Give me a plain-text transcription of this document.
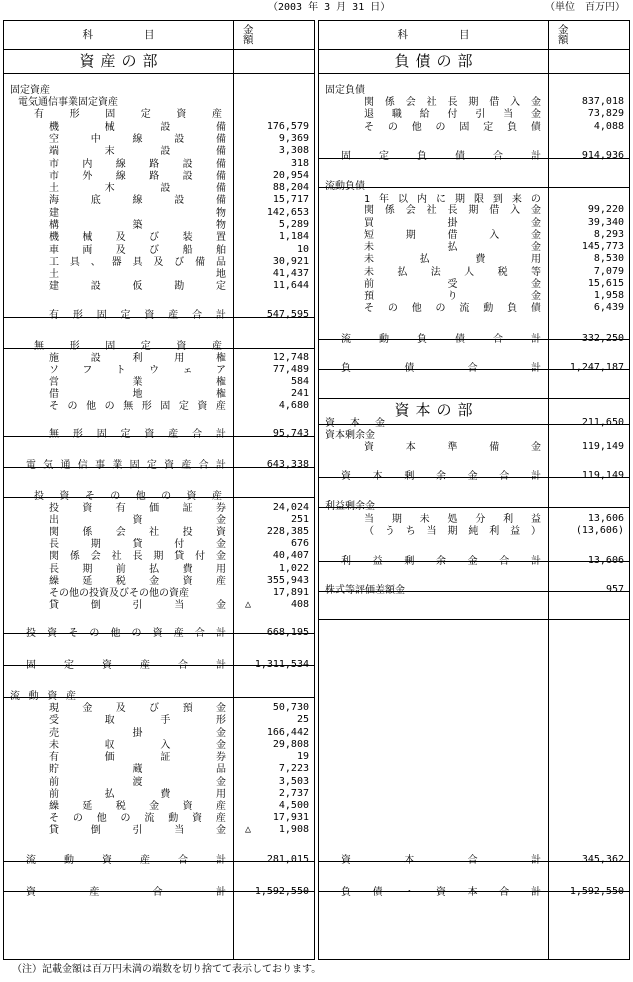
（2003 年 3 月 31 日）	（単位　百万円）
科　　目	金　　額
資産の部
固定資産
電気通信事業固定資産
有	形	固	定	資	産
機	械	設	備	176,579
空	中	線	設	備	9,369
端	末	設	備	3,308
市 内 線 路 設 備	318
市 外 線 路 設 備	20,954
土	木	設	備	88,204
海	底	線	設	備	15,717
建	物	142,653
構	築	物	5,289
機 械 及 び 装 置	1,184
車 両 及 び 船 舶	10
工 具 、 器 具 及 び 備 品	30,921
土	地	41,437
建	設	仮	勘	定	11,644
有 形 固 定 資 産 合 計	547,595
無	形	固	定	資	産
施	設	利	用	権	12,748
ソ フ ト ウ ェ ア	77,489
営	業	権	584
借	地	権	241
そ の 他 の 無 形 固 定 資 産	4,680
無 形 固 定 資 産 合 計	95,743
電 気 通 信 事 業 固 定 資 産 合 計	643,338
投 資 そ の 他 の 資 産
投 資 有 価 証 券	24,024
出	資	金	251
関 係 会 社 投 資	228,385
長	期	貸	付	金	676
関 係 会 社 長 期 貸 付 金	40,407
長 期 前 払 費 用	1,022
繰 延 税 金 資 産	355,943
その他の投資及びその他の資産	17,891
貸	倒	引	当	金 △	408
投 資 そ の 他 の 資 産 合 計	668,195
固	定	資	産	合	計	1,311,534
流 動 資 産
現 金 及 び 預 金	50,730
受	取	手	形	25
売	掛	金	166,442
未	収	入	金	29,808
有	価	証	券	19
貯	蔵	品	7,223
前	渡	金	3,503
前	払	費	用	2,737
繰 延 税 金 資 産	4,500
そ の 他 の 流 動 資 産	17,931
貸	倒	引	当	金 △	1,908
流	動	資	産	合	計	281,015
資	産	合	計	1,592,550
科　　目	金　　額
負債の部
資本の部
固定負債
関 係 会 社 長 期 借 入 金	837,018
退 職 給 付 引 当 金	73,829
そ の 他 の 固 定 負 債	4,088
固	定	負	債	合	計	914,936
流動負債
1 年 以 内 に 期 限 到 来 の
関 係 会 社 長 期 借 入 金	99,220
買	掛	金	39,340
短	期	借	入	金	8,293
未	払	金	145,773
未	払	費	用	8,530
未 払 法 人 税 等	7,079
前	受	金	15,615
預	り	金	1,958
そ の 他 の 流 動 負 債	6,439
流	動	負	債	合	計	332,250
負	債	合	計	1,247,187
資 本 金	211,650
資本剰余金
資	本	準	備	金	119,149
資 本 剰 余 金 合 計	119,149
利益剰余金
当 期 未 処 分 利 益	13,606
（ う ち 当 期 純 利 益 ）	(13,606)
利 益 剰 余 金 合 計	13,606
株式等評価差額金	957
資	本	合	計	345,362
負 債 ・ 資 本 合 計	1,592,550
（注）記載金額は百万円未満の端数を切り捨てて表示しております。
